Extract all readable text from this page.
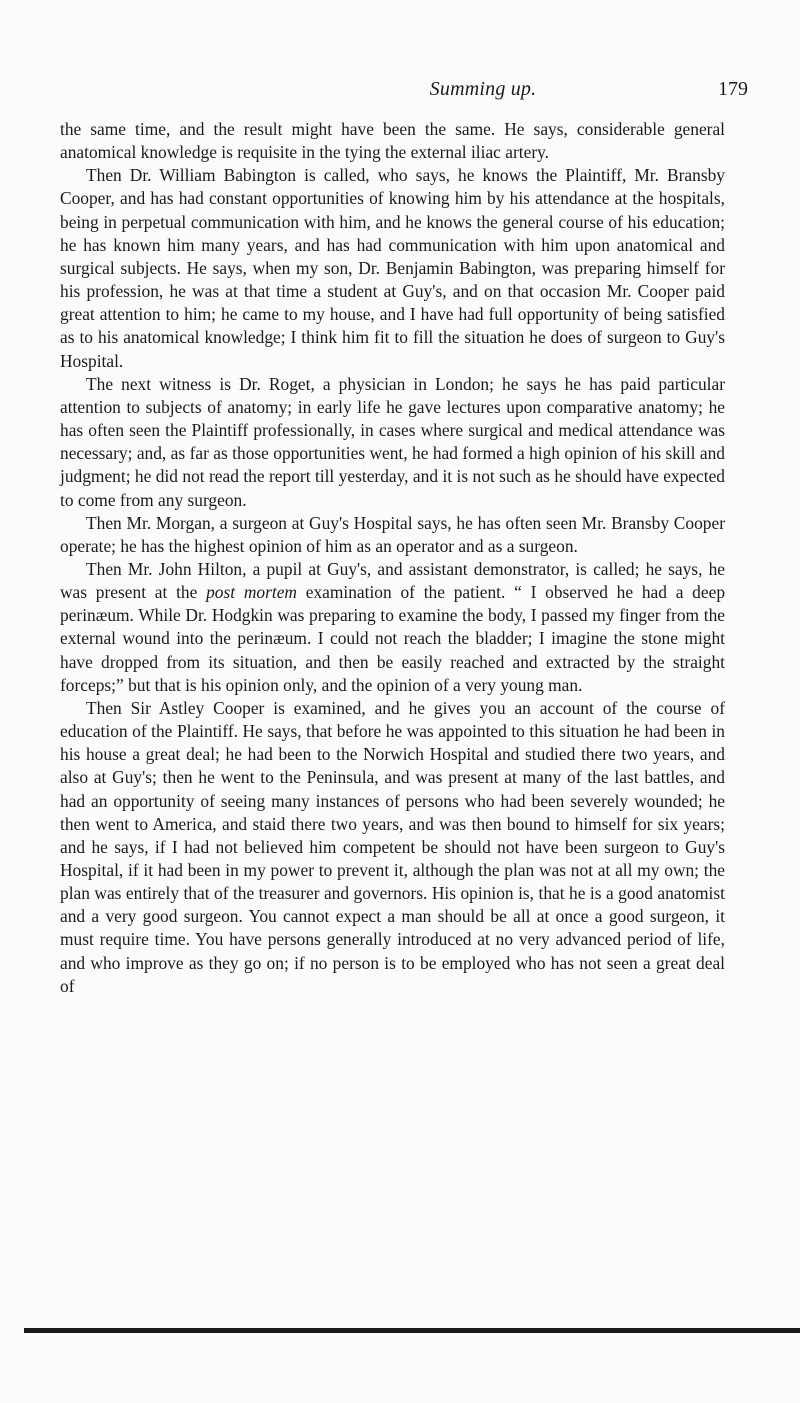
Summing up.	179

the same time, and the result might have been the same. He says, considerable general anatomical knowledge is requisite in the tying the external iliac artery.

Then Dr. William Babington is called, who says, he knows the Plaintiff, Mr. Bransby Cooper, and has had constant opportunities of knowing him by his attendance at the hospitals, being in perpetual communication with him, and he knows the general course of his education; he has known him many years, and has had communication with him upon anatomical and surgical subjects. He says, when my son, Dr. Benjamin Babington, was preparing himself for his profession, he was at that time a student at Guy's, and on that occasion Mr. Cooper paid great attention to him; he came to my house, and I have had full opportunity of being satisfied as to his anatomical knowledge; I think him fit to fill the situation he does of surgeon to Guy's Hospital.

The next witness is Dr. Roget, a physician in London; he says he has paid particular attention to subjects of anatomy; in early life he gave lectures upon comparative anatomy; he has often seen the Plaintiff professionally, in cases where surgical and medical attendance was necessary; and, as far as those opportunities went, he had formed a high opinion of his skill and judgment; he did not read the report till yesterday, and it is not such as he should have expected to come from any surgeon.

Then Mr. Morgan, a surgeon at Guy's Hospital says, he has often seen Mr. Bransby Cooper operate; he has the highest opinion of him as an operator and as a surgeon.

Then Mr. John Hilton, a pupil at Guy's, and assistant demonstrator, is called; he says, he was present at the post mortem examination of the patient. “ I observed he had a deep perinæum. While Dr. Hodgkin was preparing to examine the body, I passed my finger from the external wound into the perinæum. I could not reach the bladder; I imagine the stone might have dropped from its situation, and then be easily reached and extracted by the straight forceps;” but that is his opinion only, and the opinion of a very young man.

Then Sir Astley Cooper is examined, and he gives you an account of the course of education of the Plaintiff. He says, that before he was appointed to this situation he had been in his house a great deal; he had been to the Norwich Hospital and studied there two years, and also at Guy's; then he went to the Peninsula, and was present at many of the last battles, and had an opportunity of seeing many instances of persons who had been severely wounded; he then went to America, and staid there two years, and was then bound to himself for six years; and he says, if I had not believed him competent be should not have been surgeon to Guy's Hospital, if it had been in my power to prevent it, although the plan was not at all my own; the plan was entirely that of the treasurer and governors. His opinion is, that he is a good anatomist and a very good surgeon. You cannot expect a man should be all at once a good surgeon, it must require time. You have persons generally introduced at no very advanced period of life, and who improve as they go on; if no person is to be employed who has not seen a great deal of
